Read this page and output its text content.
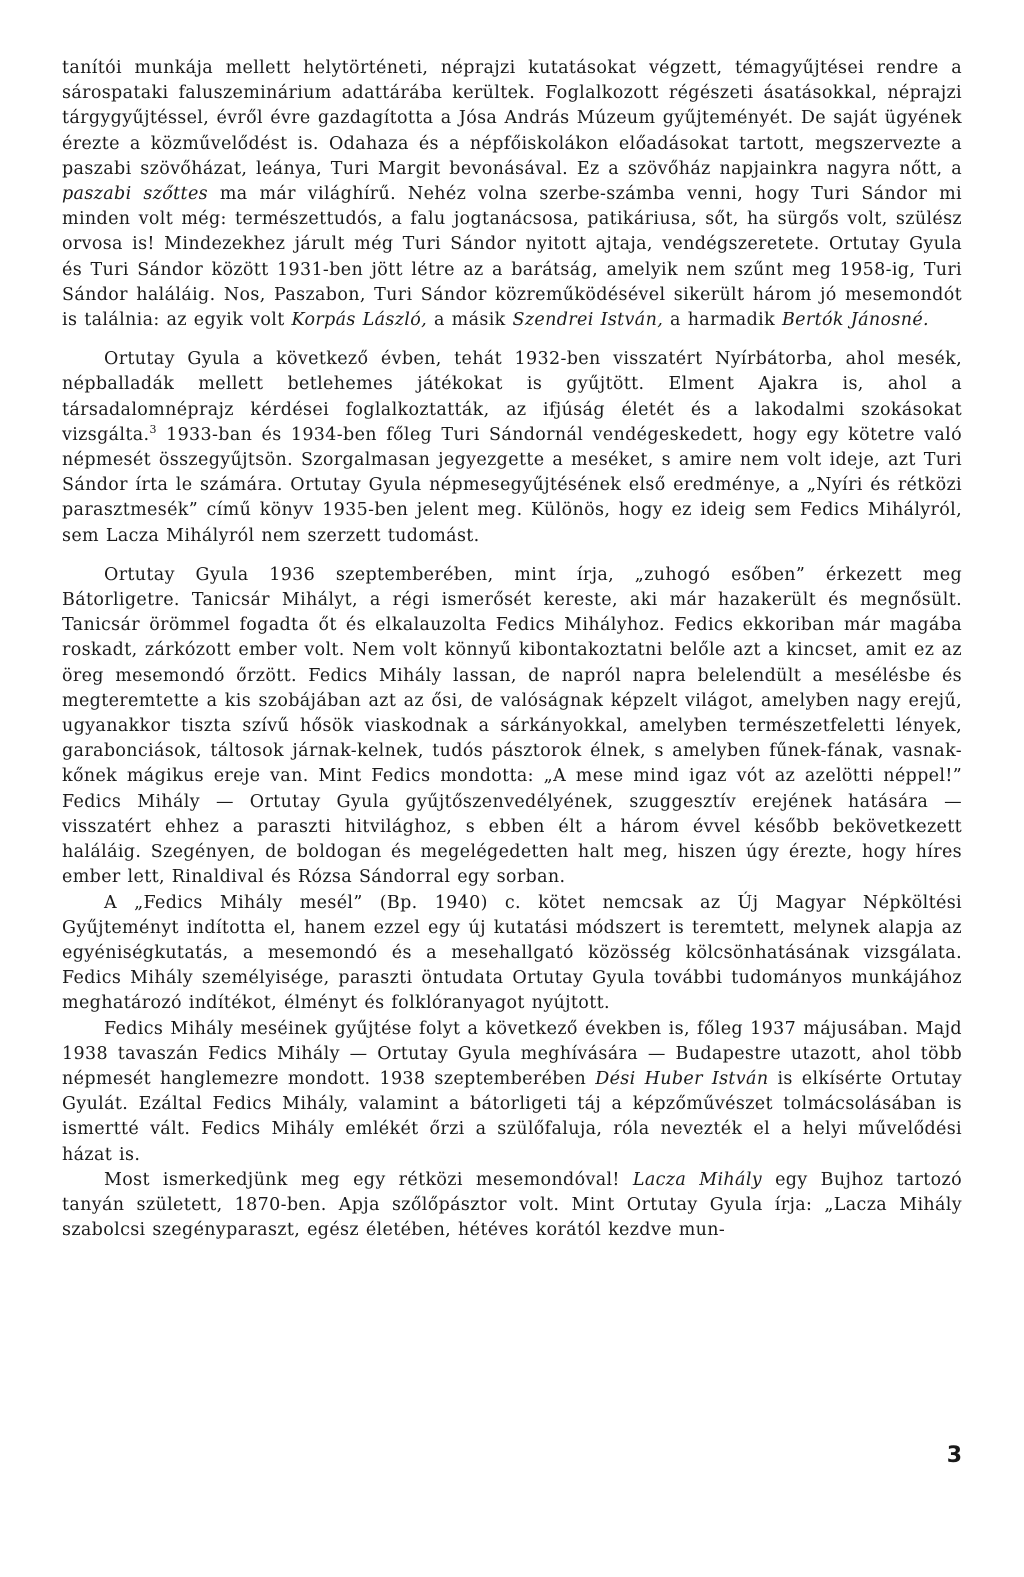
tanítói munkája mellett helytörténeti, néprajzi kutatásokat végzett, témagyűjtései rendre a sárospataki faluszeminárium adattárába kerültek. Foglalkozott régészeti ásatásokkal, néprajzi tárgygyűjtéssel, évről évre gazdagította a Jósa András Múzeum gyűjteményét. De saját ügyének érezte a közművelődést is. Odahaza és a népfőiskolákon előadásokat tartott, megszervezte a paszabi szövőházat, leánya, Turi Margit bevonásával. Ez a szövőház napjainkra nagyra nőtt, a paszabi szőttes ma már világhírű. Nehéz volna szerbe-számba venni, hogy Turi Sándor mi minden volt még: természettudós, a falu jogtanácsosa, patikáriusa, sőt, ha sürgős volt, szülész orvosa is! Mindezekhez járult még Turi Sándor nyitott ajtaja, vendégszeretete. Ortutay Gyula és Turi Sándor között 1931-ben jött létre az a barátság, amelyik nem szűnt meg 1958-ig, Turi Sándor haláláig. Nos, Paszabon, Turi Sándor közreműködésével sikerült három jó mesemondót is találnia: az egyik volt Korpás László, a másik Szendrei István, a harmadik Bertók Jánosné.

Ortutay Gyula a következő évben, tehát 1932-ben visszatért Nyírbátorba, ahol mesék, népballadák mellett betlehemes játékokat is gyűjtött. Elment Ajakra is, ahol a társadalomnéprajz kérdései foglalkoztatták, az ifjúság életét és a lakodalmi szokásokat vizsgálta.$^3$ 1933-ban és 1934-ben főleg Turi Sándornál vendégeskedett, hogy egy kötetre való népmesét összegyűjtsön. Szorgalmasan jegyezgette a meséket, s amire nem volt ideje, azt Turi Sándor írta le számára. Ortutay Gyula népmesegyűjtésének első eredménye, a „Nyíri és rétközi parasztmesék” című könyv 1935-ben jelent meg. Különös, hogy ez ideig sem Fedics Mihályról, sem Lacza Mihályról nem szerzett tudomást.

Ortutay Gyula 1936 szeptemberében, mint írja, „zuhogó esőben” érkezett meg Bátorligetre. Tanicsár Mihályt, a régi ismerősét kereste, aki már hazakerült és megnősült. Tanicsár örömmel fogadta őt és elkalauzolta Fedics Mihályhoz. Fedics ekkoriban már magába roskadt, zárkózott ember volt. Nem volt könnyű kibontakoztatni belőle azt a kincset, amit ez az öreg mesemondó őrzött. Fedics Mihály lassan, de napról napra belelendült a mesélésbe és megteremtette a kis szobájában azt az ősi, de valóságnak képzelt világot, amelyben nagy erejű, ugyanakkor tiszta szívű hősök viaskodnak a sárkányokkal, amelyben természetfeletti lények, garabonciások, táltosok járnak-kelnek, tudós pásztorok élnek, s amelyben fűnek-fának, vasnak-kőnek mágikus ereje van. Mint Fedics mondotta: „A mese mind igaz vót az azelötti néppel!” Fedics Mihály — Ortutay Gyula gyűjtőszenvedélyének, szuggesztív erejének hatására — visszatért ehhez a paraszti hitvilághoz, s ebben élt a három évvel később bekövetkezett haláláig. Szegényen, de boldogan és megelégedetten halt meg, hiszen úgy érezte, hogy híres ember lett, Rinaldival és Rózsa Sándorral egy sorban.

A „Fedics Mihály mesél” (Bp. 1940) c. kötet nemcsak az Új Magyar Népköltési Gyűjteményt indította el, hanem ezzel egy új kutatási módszert is teremtett, melynek alapja az egyéniségkutatás, a mesemondó és a mesehallgató közösség kölcsönhatásának vizsgálata. Fedics Mihály személyisége, paraszti öntudata Ortutay Gyula további tudományos munkájához meghatározó indítékot, élményt és folklóranyagot nyújtott.

Fedics Mihály meséinek gyűjtése folyt a következő években is, főleg 1937 májusában. Majd 1938 tavaszán Fedics Mihály — Ortutay Gyula meghívására — Budapestre utazott, ahol több népmesét hanglemezre mondott. 1938 szeptemberében Dési Huber István is elkísérte Ortutay Gyulát. Ezáltal Fedics Mihály, valamint a bátorligeti táj a képzőművészet tolmácsolásában is ismertté vált. Fedics Mihály emlékét őrzi a szülőfaluja, róla nevezték el a helyi művelődési házat is.

Most ismerkedjünk meg egy rétközi mesemondóval! Lacza Mihály egy Bujhoz tartozó tanyán született, 1870-ben. Apja szőlőpásztor volt. Mint Ortutay Gyula írja: „Lacza Mihály szabolcsi szegényparaszt, egész életében, hétéves korától kezdve mun-

3
